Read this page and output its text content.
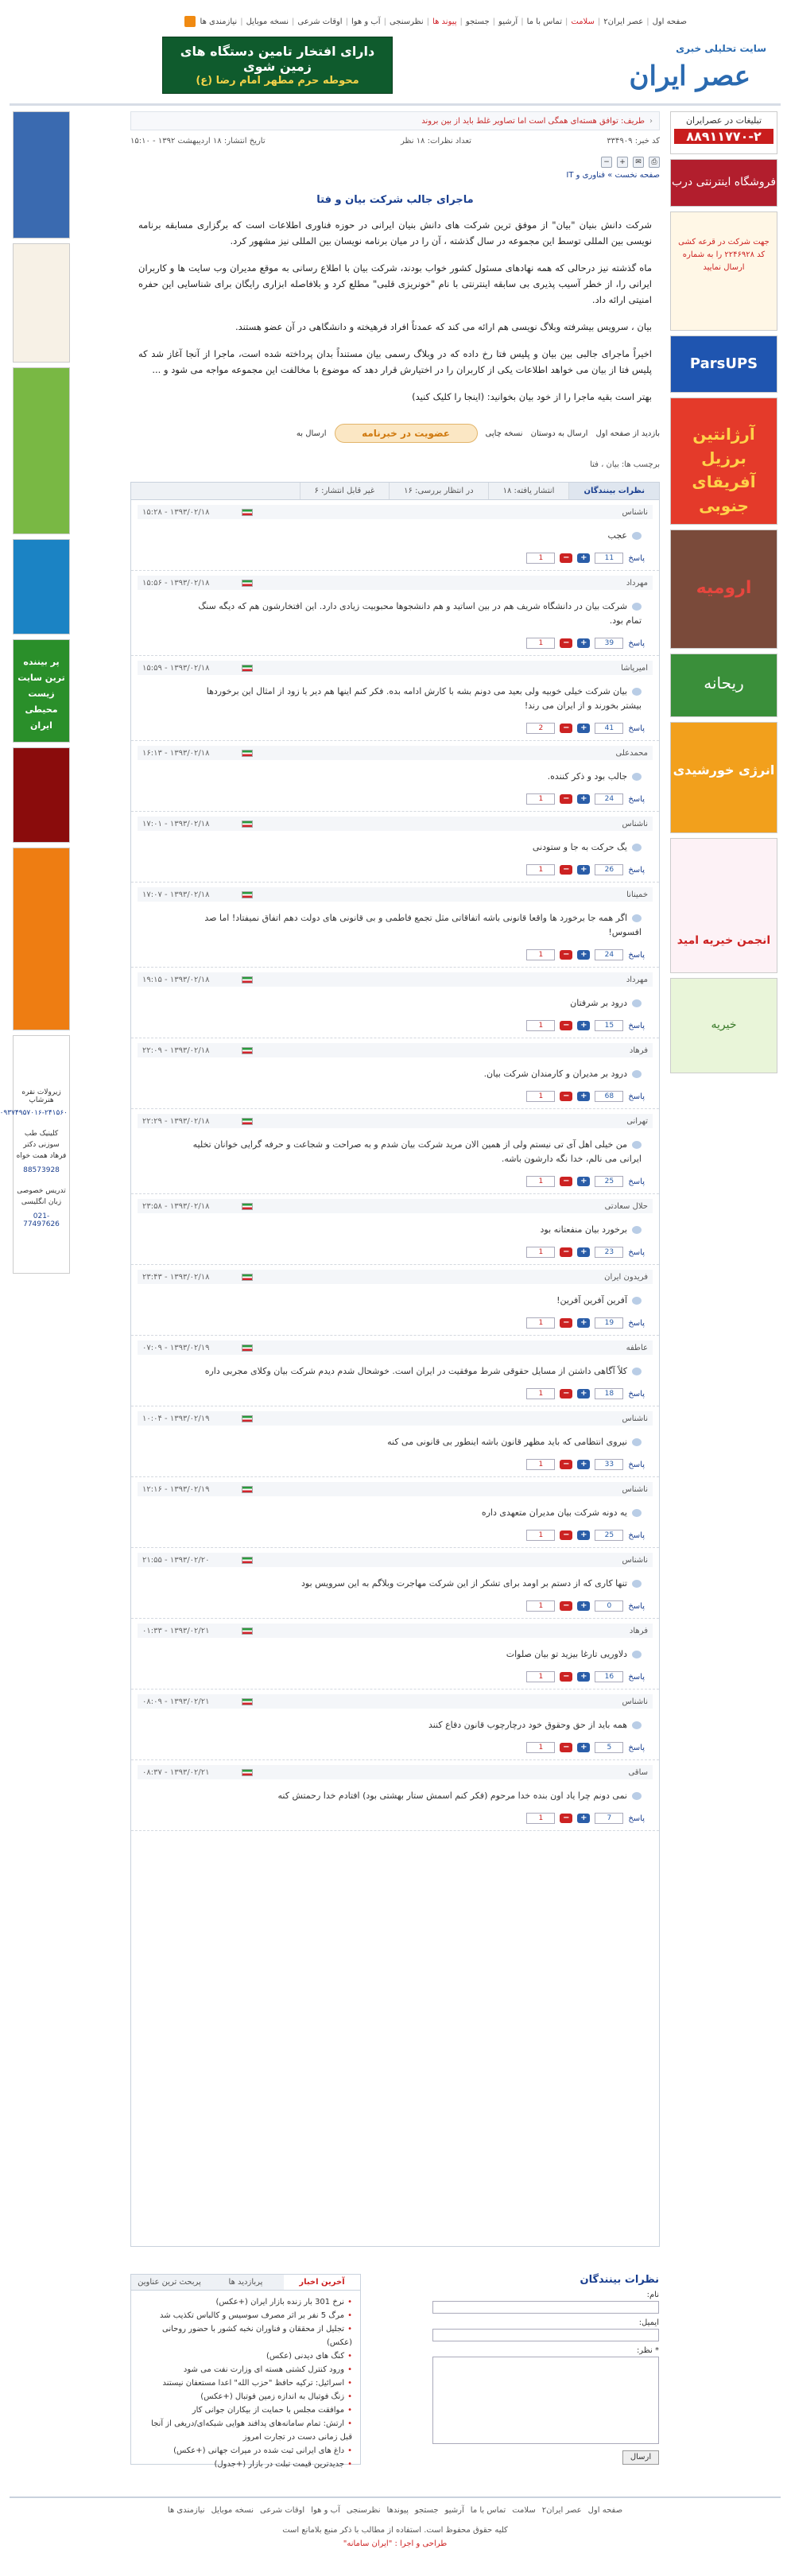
صفحه اول
|
عصر ایران۲
|
سلامت
|
تماس با ما
|
آرشیو
|
جستجو
|
پیوند ها
|
نظرسنجی
|
آب و هوا
|
اوقات شرعی
|
نسخه موبایل
|
نیازمندی ها
سایت تحلیلی خبری
عصر ایران
دارای افتخار تامین دستگاه های زمین شوی
محوطه حرم مطهر امام رضا (ع)
تبلیغات در عصرایران
۸۸۹۱۱۷۷۰-۲
فروشگاه اینترنتی درب
جهت شرکت در قرعه کشی کد ۲۲۴۶۹۲۸ را به شماره ارسال نمایید
ParsUPS
آرژانتین برزیل آفریقای جنوبی
ارومیه
ریحانه
انرژی خورشیدی
انجمن خیریه امید
خیریه
پر بیننده ترین سایت زیست محیطی ایران
زیرولات نقره هنرشاپ
۰۹۳۷۴۹۵۷۰۱۶-۲۴۱۵۶۰
کلینیک طب سوزنی دکتر فرهاد همت خواه
88573928
تدریس خصوصی زبان انگلیسی
021-77497626
‹
طریف: توافق هسته‌ای همگی است اما تصاویر غلط باید از بین بروند
کد خبر: ۳۳۴۹۰۹
تعداد نظرات: ۱۸ نظر
تاریخ انتشار: ۱۸ اردیبهشت ۱۳۹۲ - ۱۵:۱۰
⎙
✉
+
−
صفحه نخست » فناوری و IT
ماجرای جالب شرکت بیان و فتا

شرکت دانش بنیان "بیان" از موفق ترین شرکت های دانش بنیان ایرانی در حوزه فناوری اطلاعات است که برگزاری مسابقه برنامه نویسی بین المللی توسط این مجموعه در سال گذشته ، آن را در میان برنامه نویسان بین المللی نیز مشهور کرد.

ماه گذشته نیز درحالی که همه نهادهای مسئول کشور خواب بودند، شرکت بیان با اطلاع رسانی به موقع مدیران وب سایت ها و کاربران ایرانی را، از خطر آسیب پذیری بی سابقه اینترنتی با نام "خونریزی قلبی" مطلع کرد و بلافاصله ابزاری رایگان برای شناسایی این حفره امنیتی ارائه داد.

بیان ، سرویس بیشرفته وبلاگ نویسی هم ارائه می کند که عمدتاً افراد فرهیخته و دانشگاهی در آن عضو هستند.

اخیراً ماجرای جالبی بین بیان و پلیس فتا رخ داده که در وبلاگ رسمی بیان مستنداً بدان پرداخته شده است، ماجرا از آنجا آغاز شد که پلیس فتا از بیان می خواهد اطلاعات یکی از کاربران را در اختیارش قرار دهد که موضوع با مخالفت این مجموعه مواجه می شود و ...

بهتر است بقیه ماجرا را از خود بیان بخوانید: (اینجا را کلیک کنید)

بازدید از صفحه اول
ارسال به دوستان
نسخه چاپی
عضویت در خبرنامه
ارسال به
برچسب ها: بیان ، فتا
نظرات بینندگان
انتشار یافته: ۱۸
در انتظار بررسی: ۱۶
غیر قابل انتشار: ۶
ناشناس
۱۳۹۳/۰۲/۱۸ - ۱۵:۲۸
عجب
پاسخ
11
+
−
1
مهرداد
۱۳۹۳/۰۲/۱۸ - ۱۵:۵۶
شرکت بیان در دانشگاه شریف هم در بین اساتید و هم دانشجوها محبوبیت زیادی دارد. این افتخارشون هم که دیگه سنگ تمام بود.
پاسخ
39
+
−
1
امیرپاشا
۱۳۹۳/۰۲/۱۸ - ۱۵:۵۹
بیان شرکت خیلی خوبیه ولی بعید می دونم بشه با کارش ادامه بده. فکر کنم اینها هم دیر یا زود از امثال این برخوردها بیشتر بخورند و از ایران می رند!
پاسخ
41
+
−
2
محمدعلی
۱۳۹۳/۰۲/۱۸ - ۱۶:۱۳
جالب بود و ذکر کننده.
پاسخ
24
+
−
1
ناشناس
۱۳۹۳/۰۲/۱۸ - ۱۷:۰۱
یگ حرکت به جا و ستودنی
پاسخ
26
+
−
1
خمینانا
۱۳۹۳/۰۲/۱۸ - ۱۷:۰۷
اگر همه جا برخورد ها واقعا قانونی باشه اتفاقاتی مثل تجمع فاطمی و بی قانونی های دولت دهم اتفاق نمیفتاد! اما صد افسوس!
پاسخ
24
+
−
1
مهرداد
۱۳۹۳/۰۲/۱۸ - ۱۹:۱۵
درود بر شرفتان
پاسخ
15
+
−
1
فرهاد
۱۳۹۳/۰۲/۱۸ - ۲۲:۰۹
درود بر مدیران و کارمندان شرکت بیان.
پاسخ
68
+
−
1
تهرانی
۱۳۹۳/۰۲/۱۸ - ۲۲:۲۹
من خیلی اهل آی تی نیستم ولی از همین الان مرید شرکت بیان شدم و به صراحت و شجاعت و حرفه گرایی خوانان تخلیه ایرانی می نالم، خدا نگه دارشون باشه.
پاسخ
25
+
−
1
حلال سعادتی
۱۳۹۳/۰۲/۱۸ - ۲۳:۵۸
برخورد بیان منفعتانه بود
پاسخ
23
+
−
1
فریدون ایران
۱۳۹۳/۰۲/۱۸ - ۲۳:۴۳
آفرین آفرین آفرین!
پاسخ
19
+
−
1
عاطفه
۱۳۹۳/۰۲/۱۹ - ۰۷:۰۹
کلاً آگاهی داشتن از مسایل حقوقی شرط موفقیت در ایران است. خوشحال شدم دیدم شرکت بیان وکلای مجربی داره
پاسخ
18
+
−
1
ناشناس
۱۳۹۳/۰۲/۱۹ - ۱۰:۰۴
نیروی انتظامی که باید مظهر قانون باشه اینطور بی قانونی می کنه
پاسخ
33
+
−
1
ناشناس
۱۳۹۳/۰۲/۱۹ - ۱۲:۱۶
یه دونه شرکت بیان مدیران متعهدی داره
پاسخ
25
+
−
1
ناشناس
۱۳۹۳/۰۲/۲۰ - ۲۱:۵۵
تنها کاری که از دستم بر اومد برای تشکر از این شرکت مهاجرت وبلاگم به این سرویس بود
پاسخ
0
+
−
1
فرهاد
۱۳۹۳/۰۲/۲۱ - ۰۱:۳۳
دلاوریی تارغا بیزید تو بیان صلوات
پاسخ
16
+
−
1
ناشناس
۱۳۹۳/۰۲/۲۱ - ۰۸:۰۹
همه باید از حق وحقوق خود درچارچوب قانون دفاع کنند
پاسخ
5
+
−
1
ساقی
۱۳۹۳/۰۲/۲۱ - ۰۸:۳۷
نمی دونم چرا یاد اون بنده خدا مرحوم (فکر کنم اسمش ستار بهشتی بود) افتادم خدا رحمتش کنه
پاسخ
7
+
−
1
آخرین اخبار
پربازدید ها
پربحث ترین عناوین
• نرخ 301 بار زنده بازار ایران (+عکس)
• مرگ 5 نفر بر اثر مصرف سوسیس و کالباس تکذیب شد
• تجلیل از محققان و فناوران نخبه کشور با حضور روحانی (عکس)
• کنگ های دیدنی (عکس)
• ورود کنترل کشتی هسته ای وزارت نفت می شود
• اسرائیل: ترکیه حافظ "حزب الله" اعدا مستعفان نیستند
• زنگ فوتبال به اندازه زمین فوتبال (+عکس)
• موافقت مجلس با حمایت از بیکاران جوانی کار
• ارتش: تمام سامانه‌های پدافند هوایی شبکه‌ای/دریغی از آنجا قبل زمانی دست در تجارت امروز
• داغ های ایرانی ثبت شده در میراث جهانی (+عکس)
• جدیدترین قیمت تبلت در بازار (+جدول)
نظرات بینندگان
نام:
ایمیل:
* نظر:
ارسال
صفحه اول
عصر ایران۲
سلامت
تماس با ما
آرشیو
جستجو
پیوندها
نظرسنجی
آب و هوا
اوقات شرعی
نسخه موبایل
نیازمندی ها
کلیه حقوق محفوظ است. استفاده از مطالب با ذکر منبع بلامانع است
طراحی و اجرا : "ایران سامانه"
